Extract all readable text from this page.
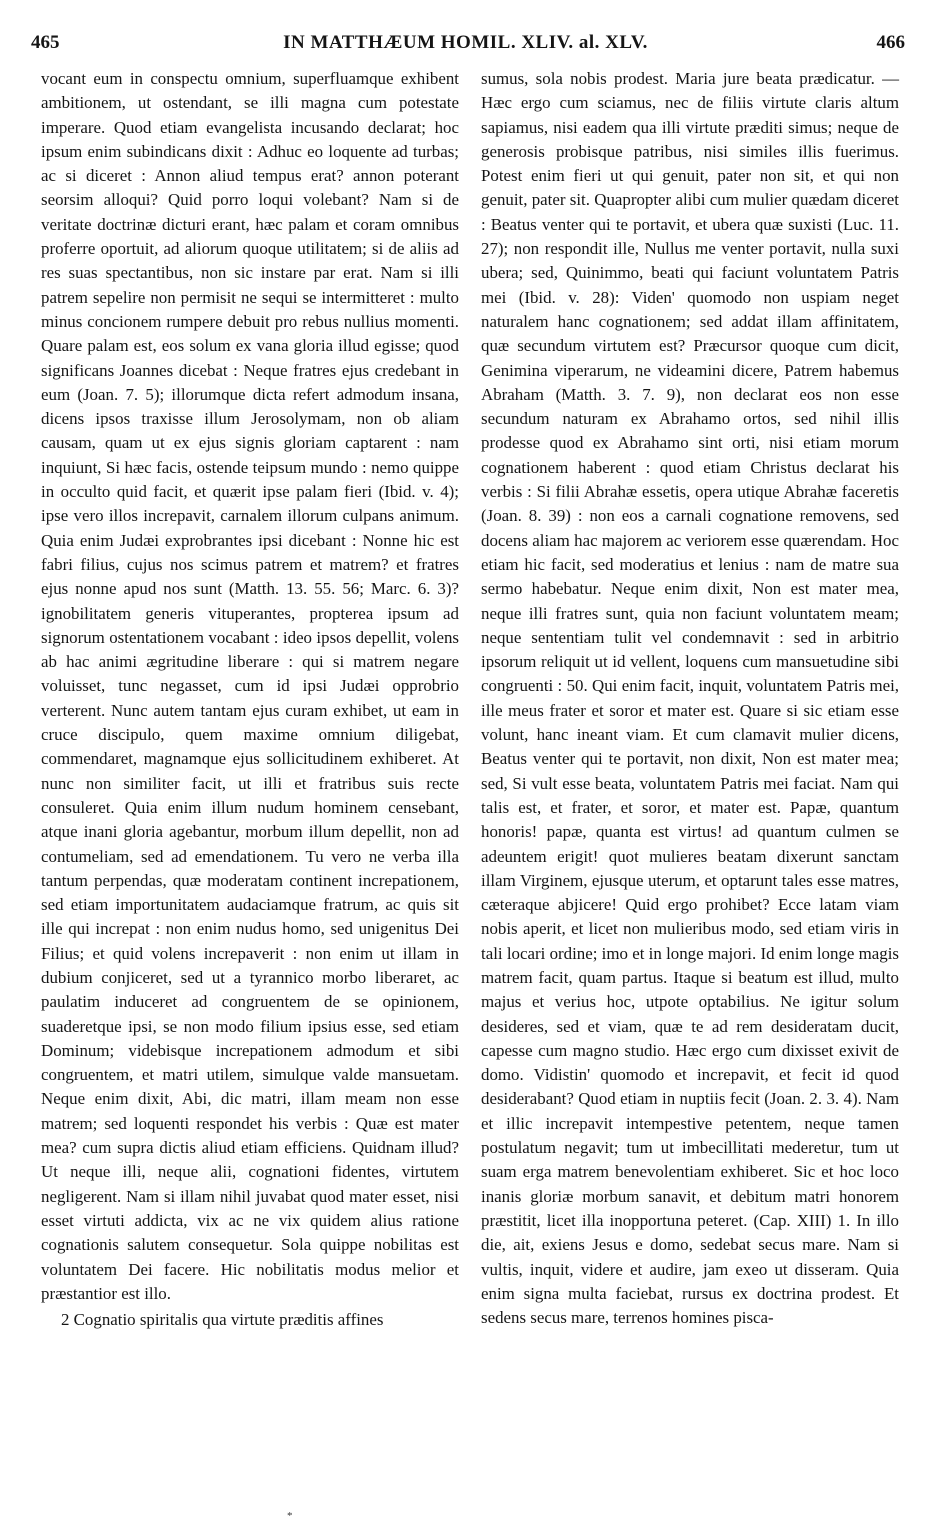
465	IN MATTHÆUM HOMIL. XLIV. al. XLV.	466

vocant eum in conspectu omnium, superfluamque exhibent ambitionem, ut ostendant, se illi magna cum potestate imperare. Quod etiam evangelista incusando declarat; hoc ipsum enim subindicans dixit : Adhuc eo loquente ad turbas; ac si diceret : Annon aliud tempus erat? annon poterant seorsim alloqui? Quid porro loqui volebant? Nam si de veritate doctrinæ dicturi erant, hæc palam et coram omnibus proferre oportuit, ad aliorum quoque utilitatem; si de aliis ad res suas spectantibus, non sic instare par erat. Nam si illi patrem sepelire non permisit ne sequi se intermitteret : multo minus concionem rumpere debuit pro rebus nullius momenti. Quare palam est, eos solum ex vana gloria illud egisse; quod significans Joannes dicebat : Neque fratres ejus credebant in eum (Joan. 7. 5); illorumque dicta refert admodum insana, dicens ipsos traxisse illum Jerosolymam, non ob aliam causam, quam ut ex ejus signis gloriam captarent : nam inquiunt, Si hæc facis, ostende teipsum mundo : nemo quippe in occulto quid facit, et quærit ipse palam fieri (Ibid. v. 4); ipse vero illos increpavit, carnalem illorum culpans animum. Quia enim Judæi exprobrantes ipsi dicebant : Nonne hic est fabri filius, cujus nos scimus patrem et matrem? et fratres ejus nonne apud nos sunt (Matth. 13. 55. 56; Marc. 6. 3)? ignobilitatem generis vituperantes, propterea ipsum ad signorum ostentationem vocabant : ideo ipsos depellit, volens ab hac animi ægritudine liberare : qui si matrem negare voluisset, tunc negasset, cum id ipsi Judæi opprobrio verterent. Nunc autem tantam ejus curam exhibet, ut eam in cruce discipulo, quem maxime omnium diligebat, commendaret, magnamque ejus sollicitudinem exhiberet. At nunc non similiter facit, ut illi et fratribus suis recte consuleret. Quia enim illum nudum hominem censebant, atque inani gloria agebantur, morbum illum depellit, non ad contumeliam, sed ad emendationem. Tu vero ne verba illa tantum perpendas, quæ moderatam continent increpationem, sed etiam importunitatem audaciamque fratrum, ac quis sit ille qui increpat : non enim nudus homo, sed unigenitus Dei Filius; et quid volens increpaverit : non enim ut illam in dubium conjiceret, sed ut a tyrannico morbo liberaret, ac paulatim induceret ad congruentem de se opinionem, suaderetque ipsi, se non modo filium ipsius esse, sed etiam Dominum; videbisque increpationem admodum et sibi congruentem, et matri utilem, simulque valde mansuetam. Neque enim dixit, Abi, dic matri, illam meam non esse matrem; sed loquenti respondet his verbis : Quæ est mater mea? cum supra dictis aliud etiam efficiens. Quidnam illud? Ut neque illi, neque alii, cognationi fidentes, virtutem negligerent. Nam si illam nihil juvabat quod mater esset, nisi esset virtuti addicta, vix ac ne vix quidem alius ratione cognationis salutem consequetur. Sola quippe nobilitas est voluntatem Dei facere. Hic nobilitatis modus melior et præstantior est illo.

2 Cognatio spiritalis qua virtute præditis affines

sumus, sola nobis prodest. Maria jure beata prædicatur. — Hæc ergo cum sciamus, nec de filiis virtute claris altum sapiamus, nisi eadem qua illi virtute præditi simus; neque de generosis probisque patribus, nisi similes illis fuerimus. Potest enim fieri ut qui genuit, pater non sit, et qui non genuit, pater sit. Quapropter alibi cum mulier quædam diceret : Beatus venter qui te portavit, et ubera quæ suxisti (Luc. 11. 27); non respondit ille, Nullus me venter portavit, nulla suxi ubera; sed, Quinimmo, beati qui faciunt voluntatem Patris mei (Ibid. v. 28): Viden' quomodo non uspiam neget naturalem hanc cognationem; sed addat illam affinitatem, quæ secundum virtutem est? Præcursor quoque cum dicit, Genimina viperarum, ne videamini dicere, Patrem habemus Abraham (Matth. 3. 7. 9), non declarat eos non esse secundum naturam ex Abrahamo ortos, sed nihil illis prodesse quod ex Abrahamo sint orti, nisi etiam morum cognationem haberent : quod etiam Christus declarat his verbis : Si filii Abrahæ essetis, opera utique Abrahæ faceretis (Joan. 8. 39) : non eos a carnali cognatione removens, sed docens aliam hac majorem ac veriorem esse quærendam. Hoc etiam hic facit, sed moderatius et lenius : nam de matre sua sermo habebatur. Neque enim dixit, Non est mater mea, neque illi fratres sunt, quia non faciunt voluntatem meam; neque sententiam tulit vel condemnavit : sed in arbitrio ipsorum reliquit ut id vellent, loquens cum mansuetudine sibi congruenti : 50. Qui enim facit, inquit, voluntatem Patris mei, ille meus frater et soror et mater est. Quare si sic etiam esse volunt, hanc ineant viam. Et cum clamavit mulier dicens, Beatus venter qui te portavit, non dixit, Non est mater mea; sed, Si vult esse beata, voluntatem Patris mei faciat. Nam qui talis est, et frater, et soror, et mater est. Papæ, quantum honoris! papæ, quanta est virtus! ad quantum culmen se adeuntem erigit! quot mulieres beatam dixerunt sanctam illam Virginem, ejusque uterum, et optarunt tales esse matres, cæteraque abjicere! Quid ergo prohibet? Ecce latam viam nobis aperit, et licet non mulieribus modo, sed etiam viris in tali locari ordine; imo et in longe majori. Id enim longe magis matrem facit, quam partus. Itaque si beatum est illud, multo majus et verius hoc, utpote optabilius. Ne igitur solum desideres, sed et viam, quæ te ad rem desideratam ducit, capesse cum magno studio. Hæc ergo cum dixisset exivit de domo. Vidistin' quomodo et increpavit, et fecit id quod desiderabant? Quod etiam in nuptiis fecit (Joan. 2. 3. 4). Nam et illic increpavit intempestive petentem, neque tamen postulatum negavit; tum ut imbecillitati mederetur, tum ut suam erga matrem benevolentiam exhiberet. Sic et hoc loco inanis gloriæ morbum sanavit, et debitum matri honorem præstitit, licet illa inopportuna peteret. (Cap. XIII) 1. In illo die, ait, exiens Jesus e domo, sedebat secus mare. Nam si vultis, inquit, videre et audire, jam exeo ut disseram. Quia enim signa multa faciebat, rursus ex doctrina prodest. Et sedens secus mare, terrenos homines pisca-

*
